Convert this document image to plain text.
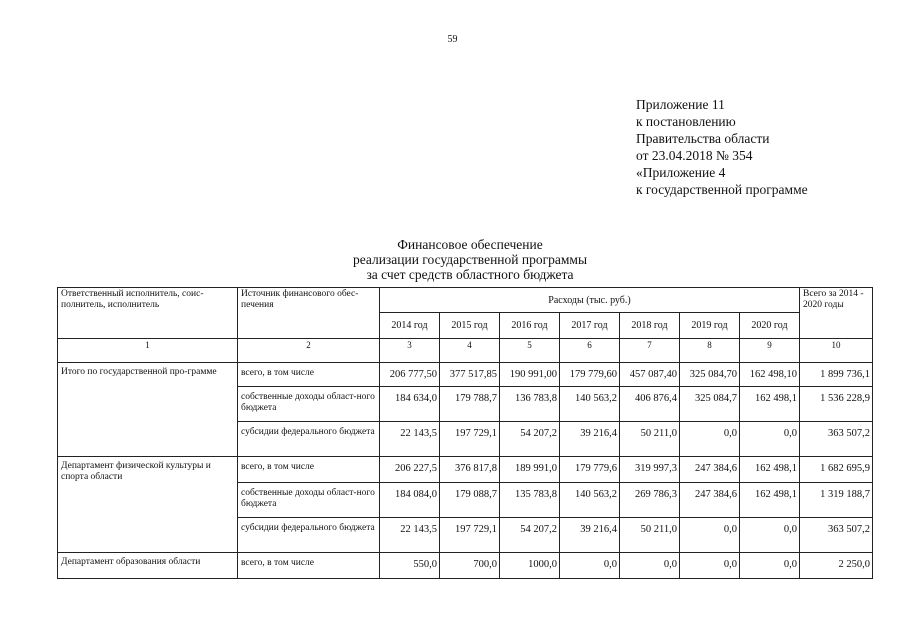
59
Приложение 11
к постановлению
Правительства области
от 23.04.2018 № 354
«Приложение 4
к государственной программе
Финансовое обеспечение
реализации государственной программы
за счет средств областного бюджета
Ответственный исполнитель, соис-полнитель, исполнитель	Источник финансового обес-печения	Расходы (тыс. руб.)							Всего за 2014 - 2020 годы
		2014 год	2015 год	2016 год	2017 год	2018 год	2019 год	2020 год	
1	2	3	4	5	6	7	8	9	10
Итого по государственной про-грамме	всего, в том числе	206 777,50	377 517,85	190 991,00	179 779,60	457 087,40	325 084,70	162 498,10	1 899 736,1
	собственные доходы област-ного бюджета	184 634,0	179 788,7	136 783,8	140 563,2	406 876,4	325 084,7	162 498,1	1 536 228,9
	субсидии федерального бюджета	22 143,5	197 729,1	54 207,2	39 216,4	50 211,0	0,0	0,0	363 507,2
Департамент физической культуры и спорта области	всего, в том числе	206 227,5	376 817,8	189 991,0	179 779,6	319 997,3	247 384,6	162 498,1	1 682 695,9
	собственные доходы област-ного бюджета	184 084,0	179 088,7	135 783,8	140 563,2	269 786,3	247 384,6	162 498,1	1 319 188,7
	субсидии федерального бюджета	22 143,5	197 729,1	54 207,2	39 216,4	50 211,0	0,0	0,0	363 507,2
Департамент образования области	всего, в том числе	550,0	700,0	1000,0	0,0	0,0	0,0	0,0	2 250,0
